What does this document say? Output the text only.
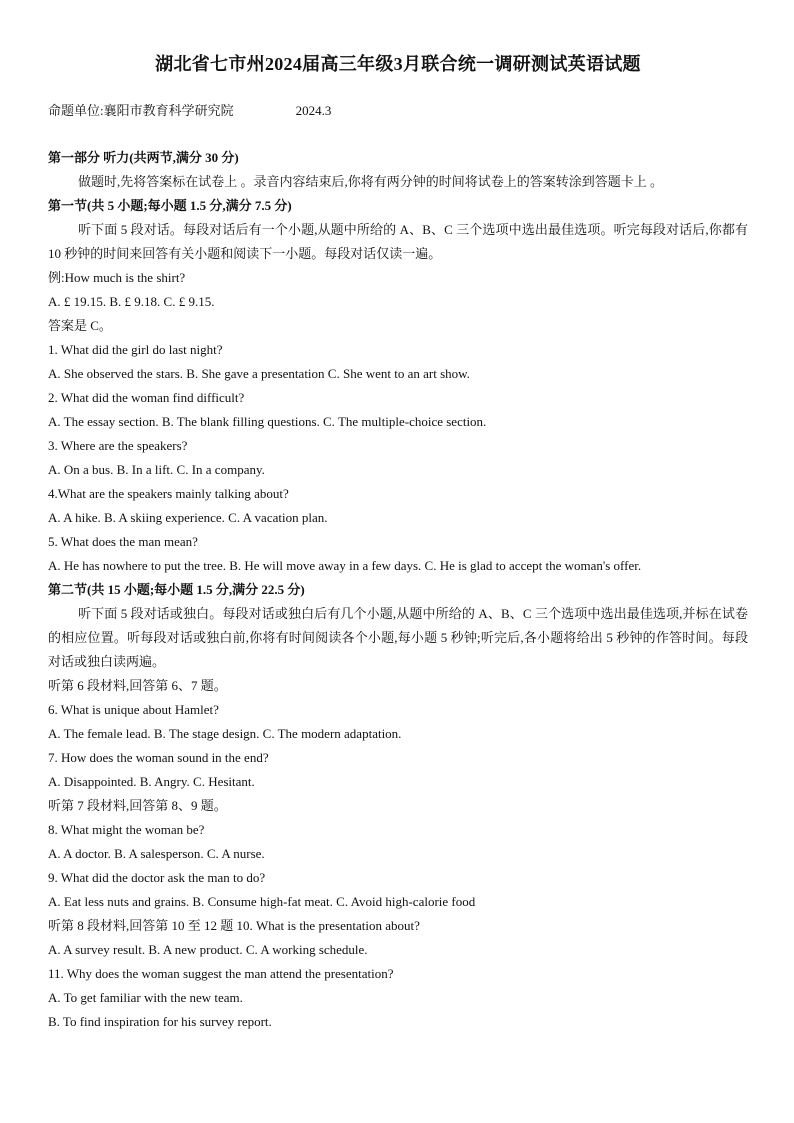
湖北省七市州2024届高三年级3月联合统一调研测试英语试题
命题单位:襄阳市教育科学研究院	2024.3
第一部分 听力(共两节,满分 30 分)
做题时,先将答案标在试卷上 。录音内容结束后,你将有两分钟的时间将试卷上的答案转涂到答题卡上 。
第一节(共 5 小题;每小题 1.5 分,满分 7.5 分)
听下面 5 段对话。每段对话后有一个小题,从题中所给的 A、B、C 三个选项中选出最佳选项。听完每段对话后,你都有 10 秒钟的时间来回答有关小题和阅读下一小题。每段对话仅读一遍。
例:How much is the shirt?
A. £ 19.15. B. £ 9.18. C. £ 9.15.
答案是 C。
1. What did the girl do last night?
A. She observed the stars. B. She gave a presentation C. She went to an art show.
2. What did the woman find difficult?
A. The essay section. B. The blank filling questions. C. The multiple-choice section.
3. Where are the speakers?
A. On a bus. B. In a lift. C. In a company.
4.What are the speakers mainly talking about?
A. A hike. B. A skiing experience. C. A vacation plan.
5. What does the man mean?
A. He has nowhere to put the tree. B. He will move away in a few days. C. He is glad to accept the woman's offer.
第二节(共 15 小题;每小题 1.5 分,满分 22.5 分)
听下面 5 段对话或独白。每段对话或独白后有几个小题,从题中所给的 A、B、C 三个选项中选出最佳选项,并标在试卷的相应位置。听每段对话或独白前,你将有时间阅读各个小题,每小题 5 秒钟;听完后,各小题将给出 5 秒钟的作答时间。每段对话或独白读两遍。
听第 6 段材料,回答第 6、7 题。
6. What is unique about Hamlet?
A. The female lead. B. The stage design. C. The modern adaptation.
7. How does the woman sound in the end?
A. Disappointed. B. Angry. C. Hesitant.
听第 7 段材料,回答第 8、9 题。
8. What might the woman be?
A. A doctor. B. A salesperson. C. A nurse.
9. What did the doctor ask the man to do?
A. Eat less nuts and grains. B. Consume high-fat meat. C. Avoid high-calorie food
听第 8 段材料,回答第 10 至 12 题 10. What is the presentation about?
A. A survey result. B. A new product. C. A working schedule.
11. Why does the woman suggest the man attend the presentation?
A. To get familiar with the new team.
B. To find inspiration for his survey report.
